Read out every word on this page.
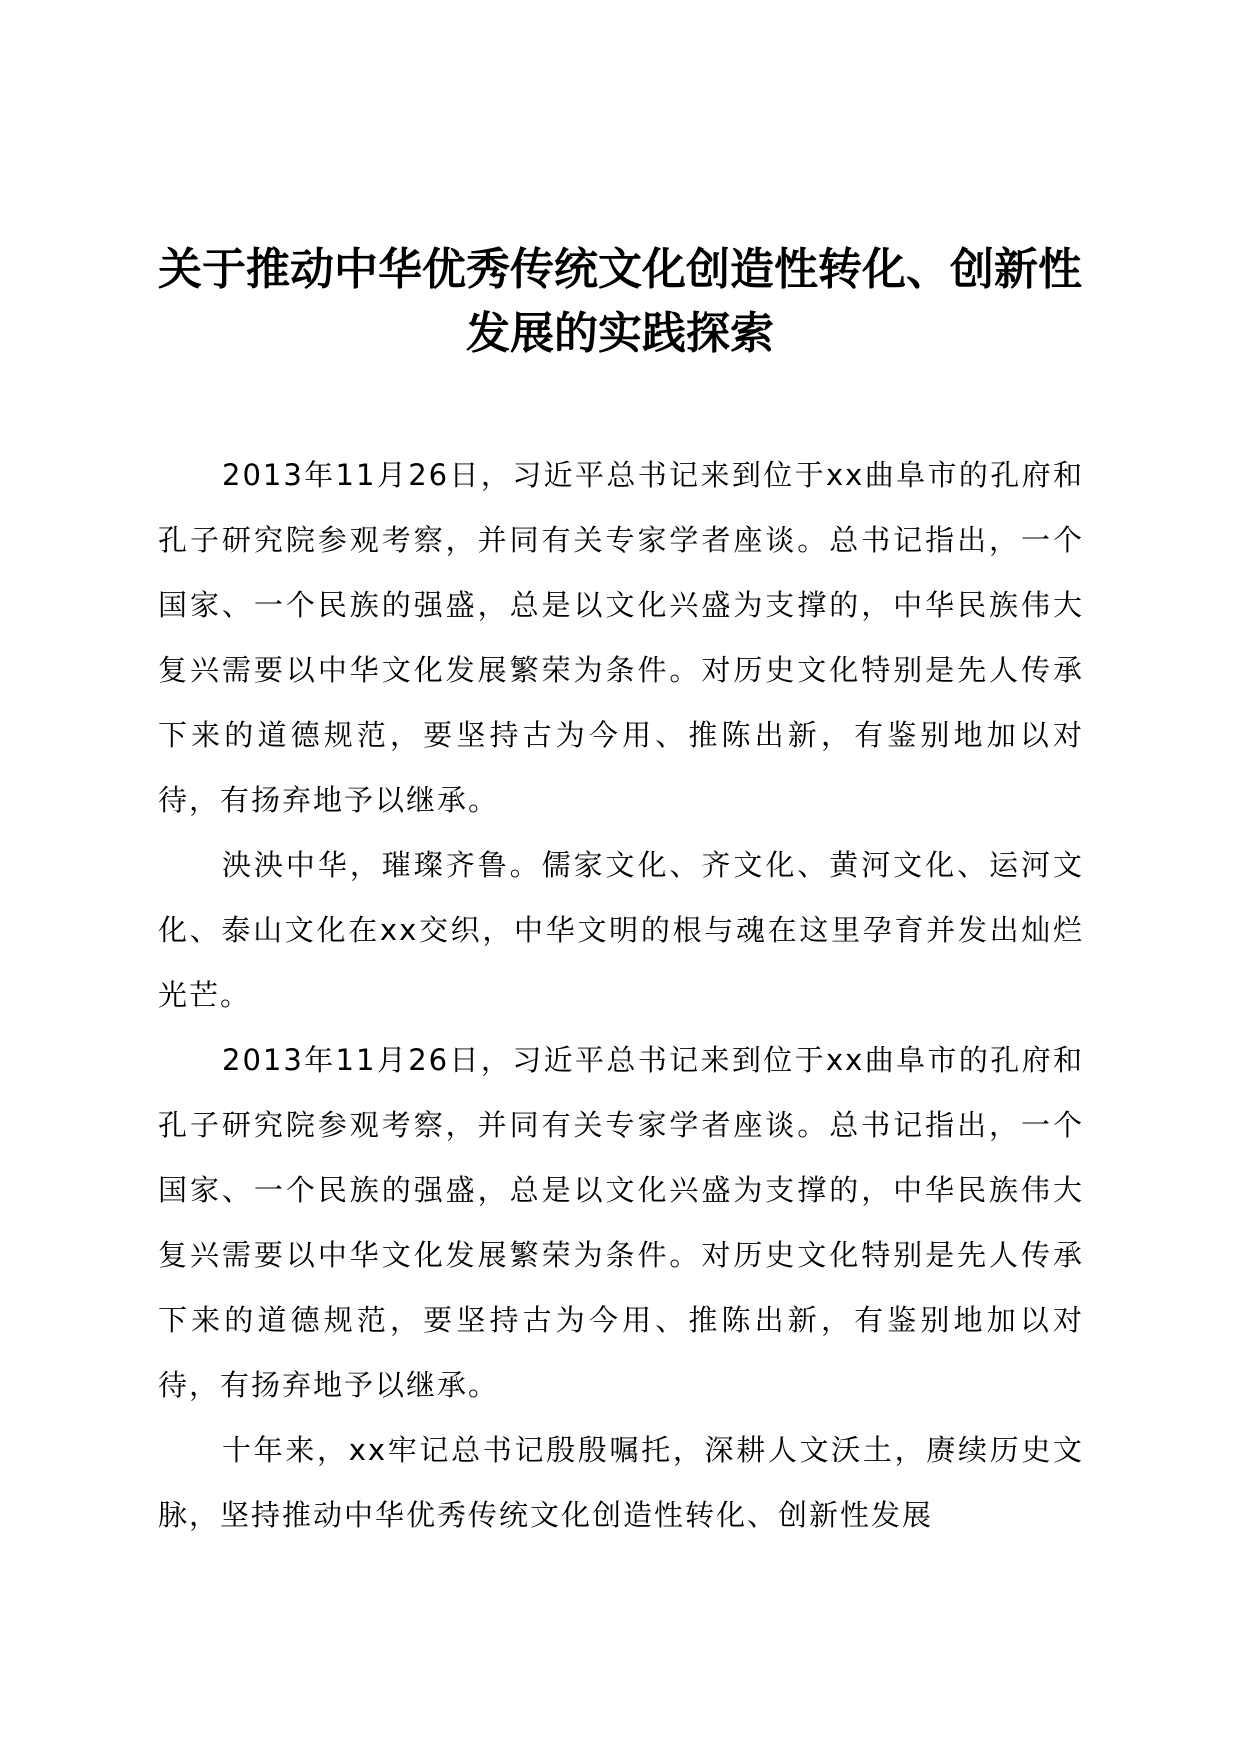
关于推动中华优秀传统文化创造性转化、创新性发展的实践探索

2013年11月26日，习近平总书记来到位于xx曲阜市的孔府和孔子研究院参观考察，并同有关专家学者座谈。总书记指出，一个国家、一个民族的强盛，总是以文化兴盛为支撑的，中华民族伟大复兴需要以中华文化发展繁荣为条件。对历史文化特别是先人传承下来的道德规范，要坚持古为今用、推陈出新，有鉴别地加以对待，有扬弃地予以继承。

泱泱中华，璀璨齐鲁。儒家文化、齐文化、黄河文化、运河文化、泰山文化在xx交织，中华文明的根与魂在这里孕育并发出灿烂光芒。

2013年11月26日，习近平总书记来到位于xx曲阜市的孔府和孔子研究院参观考察，并同有关专家学者座谈。总书记指出，一个国家、一个民族的强盛，总是以文化兴盛为支撑的，中华民族伟大复兴需要以中华文化发展繁荣为条件。对历史文化特别是先人传承下来的道德规范，要坚持古为今用、推陈出新，有鉴别地加以对待，有扬弃地予以继承。

十年来，xx牢记总书记殷殷嘱托，深耕人文沃土，赓续历史文脉，坚持推动中华优秀传统文化创造性转化、创新性发展
